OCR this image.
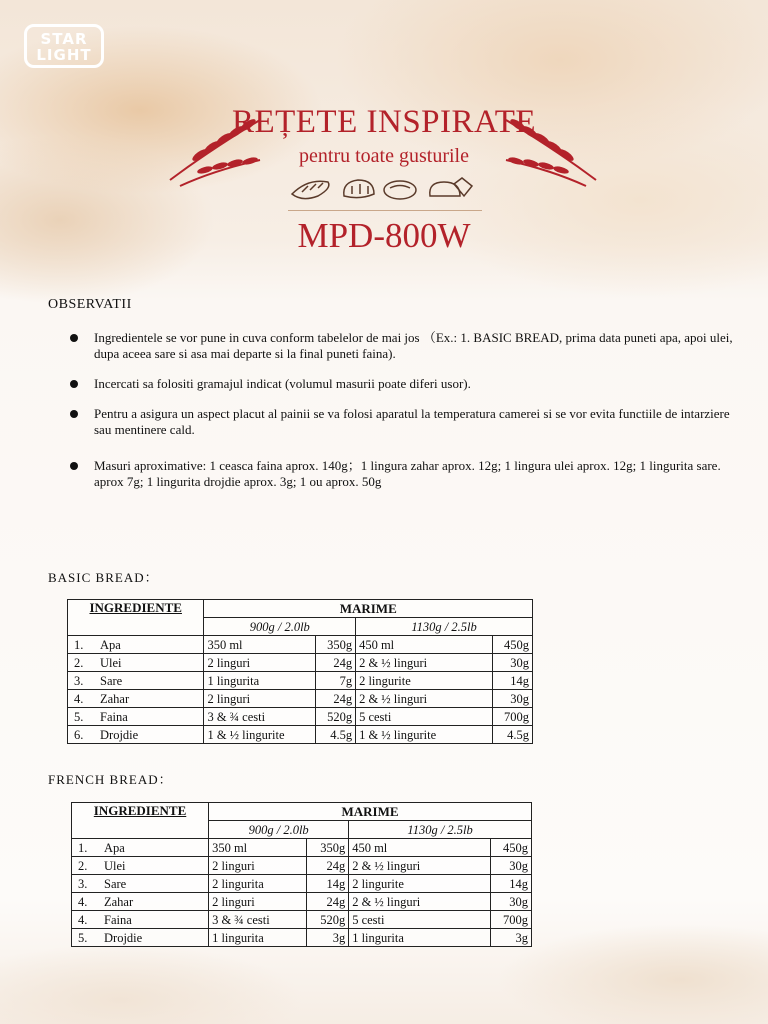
STAR
LIGHT
REȚETE INSPIRATE
pentru toate gusturile
MPD-800W
OBSERVATII
Ingredientele se vor pune in cuva conform tabelelor de mai jos （Ex.: 1. BASIC BREAD, prima data puneti apa, apoi ulei, dupa aceea sare si asa mai departe si la final puneti faina).
Incercati sa folositi gramajul indicat (volumul masurii poate diferi usor).
Pentru a asigura un aspect placut al painii se va folosi aparatul la temperatura camerei si se vor evita functiile de intarziere sau mentinere cald.
Masuri aproximative: 1 ceasca faina aprox. 140g；1 lingura zahar aprox. 12g; 1 lingura ulei aprox. 12g; 1 lingurita sare. aprox 7g; 1 lingurita drojdie aprox. 3g; 1 ou aprox. 50g
BASIC BREAD：
INGREDIENTE	MARIME			
	900g / 2.0lb		1130g / 2.5lb	
1. Apa	350 ml	350g	450 ml	450g
2. Ulei	2 linguri	24g	2 & ½ linguri	30g
3. Sare	1 lingurita	7g	2 lingurite	14g
4. Zahar	2 linguri	24g	2 & ½ linguri	30g
5. Faina	3 & ¾ cesti	520g	5 cesti	700g
6. Drojdie	1 & ½ lingurite	4.5g	1 & ½ lingurite	4.5g
FRENCH BREAD：
INGREDIENTE	MARIME			
	900g / 2.0lb		1130g / 2.5lb	
1. Apa	350 ml	350g	450 ml	450g
2. Ulei	2 linguri	24g	2 & ½ linguri	30g
3. Sare	2 lingurita	14g	2 lingurite	14g
4. Zahar	2 linguri	24g	2 & ½ linguri	30g
4. Faina	3 & ¾ cesti	520g	5 cesti	700g
5. Drojdie	1 lingurita	3g	1 lingurita	3g
